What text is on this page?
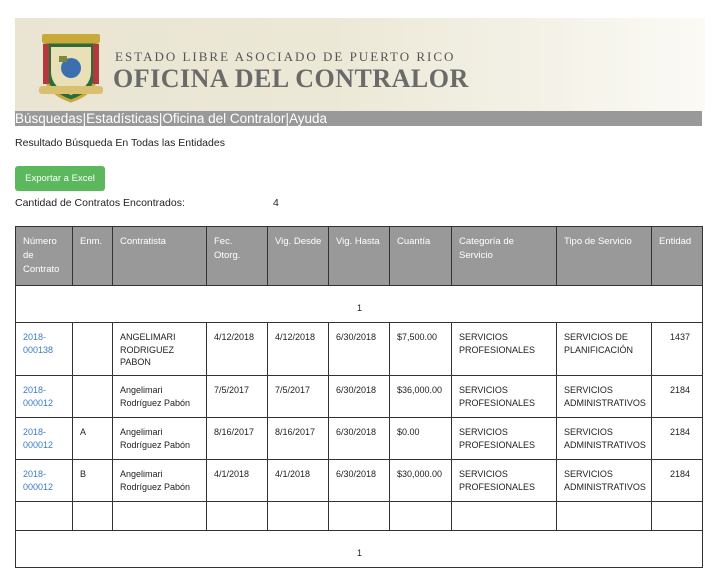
ESTADO LIBRE ASOCIADO DE PUERTO RICO
OFICINA DEL CONTRALOR
Búsquedas|Estadísticas|Oficina del Contralor|Ayuda
Resultado Búsqueda En Todas las Entidades
Exportar a Excel
Cantidad de Contratos Encontrados:	4
1									
Número de Contrato	Enm.	Contratista	Fec. Otorg.	Vig. Desde	Vig. Hasta	Cuantía	Categoría de Servicio	Tipo de Servicio	Entidad
2018-000138		ANGELIMARI RODRIGUEZ PABON	4/12/2018	4/12/2018	6/30/2018	$7,500.00	SERVICIOS PROFESIONALES	SERVICIOS DE PLANIFICACIÓN	1437
2018-000012		Angelimari Rodríguez Pabón	7/5/2017	7/5/2017	6/30/2018	$36,000.00	SERVICIOS PROFESIONALES	SERVICIOS ADMINISTRATIVOS	2184
2018-000012	A	Angelimari Rodríguez Pabón	8/16/2017	8/16/2017	6/30/2018	$0.00	SERVICIOS PROFESIONALES	SERVICIOS ADMINISTRATIVOS	2184
2018-000012	B	Angelimari Rodríguez Pabón	4/1/2018	4/1/2018	6/30/2018	$30,000.00	SERVICIOS PROFESIONALES	SERVICIOS ADMINISTRATIVOS	2184

1									
